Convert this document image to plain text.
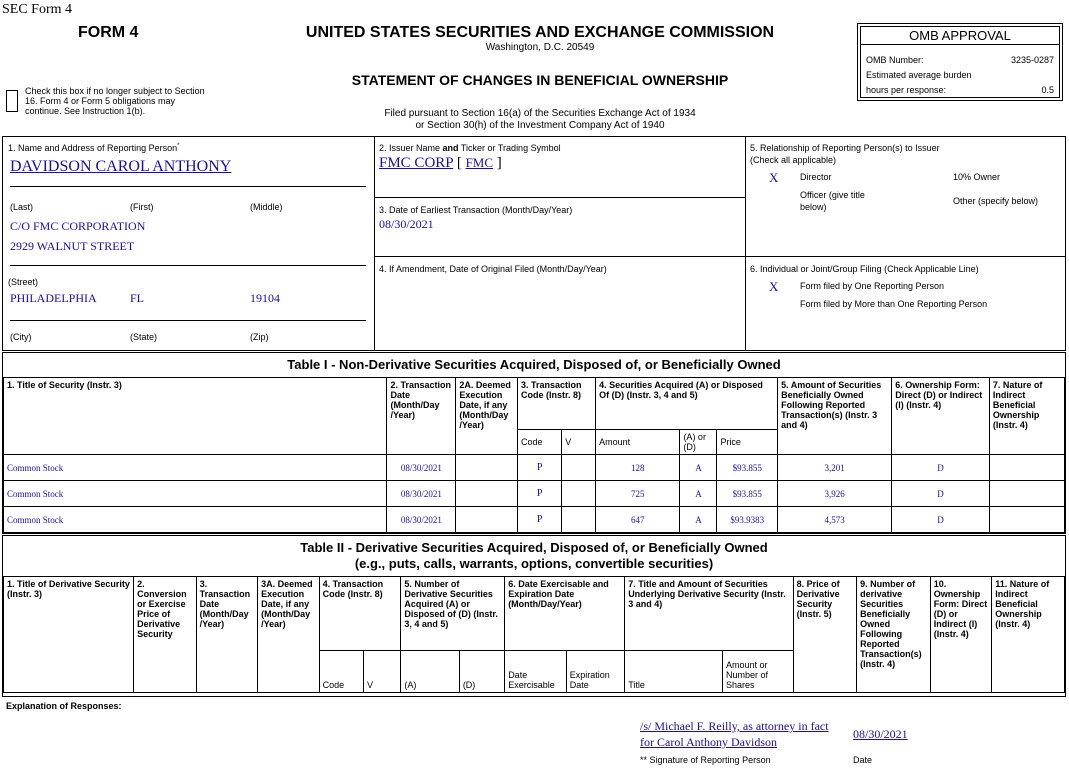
SEC Form 4
FORM 4	UNITED STATES SECURITIES AND EXCHANGE COMMISSION
Washington, D.C. 20549
STATEMENT OF CHANGES IN BENEFICIAL OWNERSHIP
Filed pursuant to Section 16(a) of the Securities Exchange Act of 1934
or Section 30(h) of the Investment Company Act of 1940
Check this box if no longer subject to Section
16. Form 4 or Form 5 obligations may
continue. See Instruction 1(b).
OMB APPROVAL
OMB Number:	3235-0287
Estimated average burden
hours per response:	0.5
1. Name and Address of Reporting Person*
DAVIDSON CAROL ANTHONY
(Last)	(First)	(Middle)
C/O FMC CORPORATION
2929 WALNUT STREET
(Street)
PHILADELPHIA	FL	19104
(City)	(State)	(Zip)
2. Issuer Name and Ticker or Trading Symbol
FMC CORP [ FMC ]
3. Date of Earliest Transaction (Month/Day/Year)
08/30/2021
4. If Amendment, Date of Original Filed (Month/Day/Year)
5. Relationship of Reporting Person(s) to Issuer
(Check all applicable)
X Director	10% Owner
Officer (give title
below)
Other (specify below)
6. Individual or Joint/Group Filing (Check Applicable Line)
X Form filed by One Reporting Person
Form filed by More than One Reporting Person
Table I - Non-Derivative Securities Acquired, Disposed of, or Beneficially Owned
1. Title of Security (Instr. 3)	2. Transaction Date (Month/Day /Year)	2A. Deemed Execution Date, if any (Month/Day /Year)	3. Transaction Code (Instr. 8)		4. Securities Acquired (A) or Disposed Of (D) (Instr. 3, 4 and 5)			5. Amount of Securities Beneficially Owned Following Reported Transaction(s) (Instr. 3 and 4)	6. Ownership Form: Direct (D) or Indirect (I) (Instr. 4)	7. Nature of Indirect Beneficial Ownership (Instr. 4)
			Code	V	Amount	(A) or (D)	Price			
Common Stock	08/30/2021		P		128	A	$93.855	3,201	D	
Common Stock	08/30/2021		P		725	A	$93.855	3,926	D	
Common Stock	08/30/2021		P		647	A	$93.9383	4,573	D	
Table II - Derivative Securities Acquired, Disposed of, or Beneficially Owned
(e.g., puts, calls, warrants, options, convertible securities)
1. Title of Derivative Security (Instr. 3)	2. Conversion or Exercise Price of Derivative Security	3. Transaction Date (Month/Day /Year)	3A. Deemed Execution Date, if any (Month/Day /Year)	4. Transaction Code (Instr. 8)		5. Number of Derivative Securities Acquired (A) or Disposed of (D) (Instr. 3, 4 and 5)		6. Date Exercisable and Expiration Date (Month/Day/Year)		7. Title and Amount of Securities Underlying Derivative Security (Instr. 3 and 4)		8. Price of Derivative Security (Instr. 5)	9. Number of derivative Securities Beneficially Owned Following Reported Transaction(s) (Instr. 4)	10. Ownership Form: Direct (D) or Indirect (I) (Instr. 4)	11. Nature of Indirect Beneficial Ownership (Instr. 4)
				Code	V	(A)	(D)	Date Exercisable	Expiration Date	Title	Amount or Number of Shares				
Explanation of Responses:
/s/ Michael F. Reilly, as attorney in fact
for Carol Anthony Davidson
08/30/2021
** Signature of Reporting Person	Date
